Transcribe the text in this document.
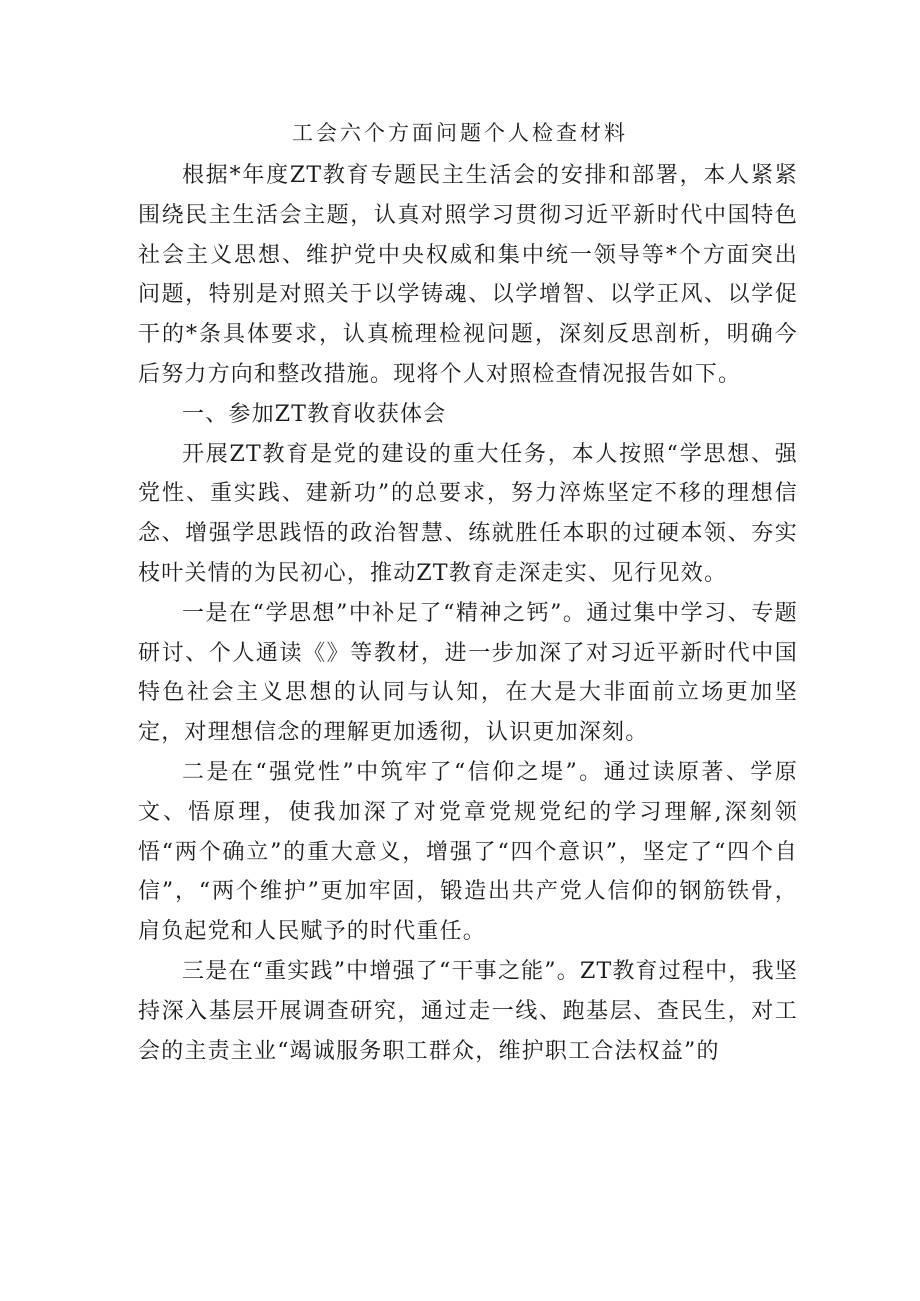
工会六个方面问题个人检查材料

根据*年度ZT教育专题民主生活会的安排和部署，本人紧紧围绕民主生活会主题，认真对照学习贯彻习近平新时代中国特色社会主义思想、维护党中央权威和集中统一领导等*个方面突出问题，特别是对照关于以学铸魂、以学增智、以学正风、以学促干的*条具体要求，认真梳理检视问题，深刻反思剖析，明确今后努力方向和整改措施。现将个人对照检查情况报告如下。

一、参加ZT教育收获体会

开展ZT教育是党的建设的重大任务，本人按照“学思想、强党性、重实践、建新功”的总要求，努力淬炼坚定不移的理想信念、增强学思践悟的政治智慧、练就胜任本职的过硬本领、夯实枝叶关情的为民初心，推动ZT教育走深走实、见行见效。

一是在“学思想”中补足了“精神之钙”。通过集中学习、专题研讨、个人通读《》等教材，进一步加深了对习近平新时代中国特色社会主义思想的认同与认知，在大是大非面前立场更加坚定，对理想信念的理解更加透彻，认识更加深刻。

二是在“强党性”中筑牢了“信仰之堤”。通过读原著、学原文、悟原理，使我加深了对党章党规党纪的学习理解,深刻领悟“两个确立”的重大意义，增强了“四个意识”，坚定了“四个自信”，“两个维护”更加牢固，锻造出共产党人信仰的钢筋铁骨，肩负起党和人民赋予的时代重任。

三是在“重实践”中增强了“干事之能”。ZT教育过程中，我坚持深入基层开展调查研究，通过走一线、跑基层、查民生，对工会的主责主业“竭诚服务职工群众，维护职工合法权益”的
